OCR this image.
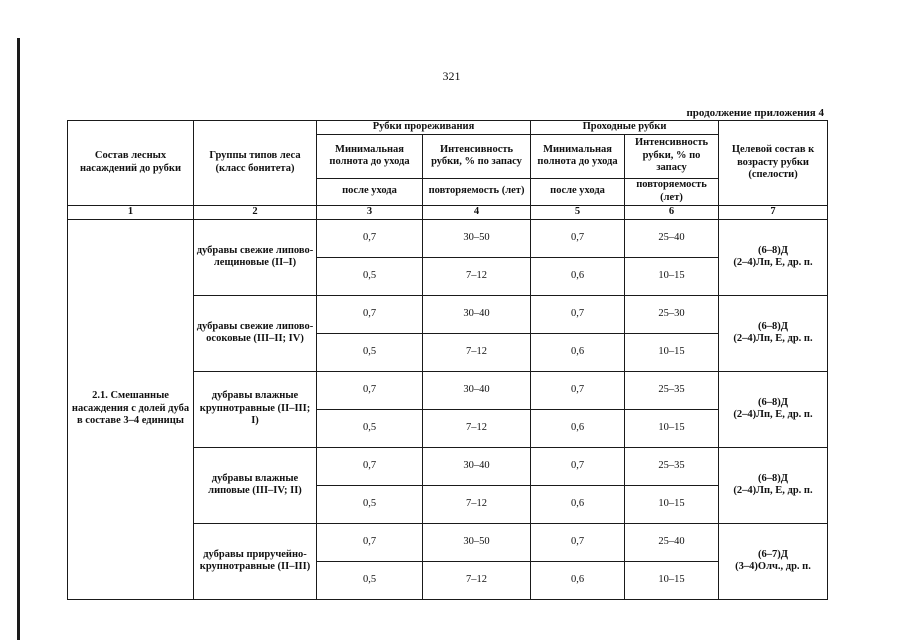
321
продолжение приложения 4
Состав лесных насаждений до рубки	Группы типов леса (класс бонитета)	Рубки прореживания		Проходные рубки		Целевой состав к возрасту рубки (спелости)
		Минимальная полнота до ухода	Интенсивность рубки, % по запасу	Минимальная полнота до ухода	Интенсивность рубки, % по запасу	
		после ухода	повторяемость (лет)	после ухода	повторяемость (лет)	
1	2	3	4	5	6	7
2.1. Смешанные насаждения с долей дуба в составе 3–4 единицы	дубравы свежие липово-лещиновые (II–I)	0,7	30–50	0,7	25–40	(6–8)Д
(2–4)Лп, Е, др. п.

		0,5	7–12	0,6	10–15	
	дубравы свежие липово-осоковые (III–II; IV)	0,7	30–40	0,7	25–30	(6–8)Д
(2–4)Лп, Е, др. п.

		0,5	7–12	0,6	10–15	
	дубравы влажные крупнотравные (II–III; I)	0,7	30–40	0,7	25–35	(6–8)Д
(2–4)Лп, Е, др. п.

		0,5	7–12	0,6	10–15	
	дубравы влажные липовые (III–IV; II)	0,7	30–40	0,7	25–35	(6–8)Д
(2–4)Лп, Е, др. п.

		0,5	7–12	0,6	10–15	
	дубравы приручейно-крупнотравные (II–III)	0,7	30–50	0,7	25–40	(6–7)Д
(3–4)Олч., др. п.

		0,5	7–12	0,6	10–15	
